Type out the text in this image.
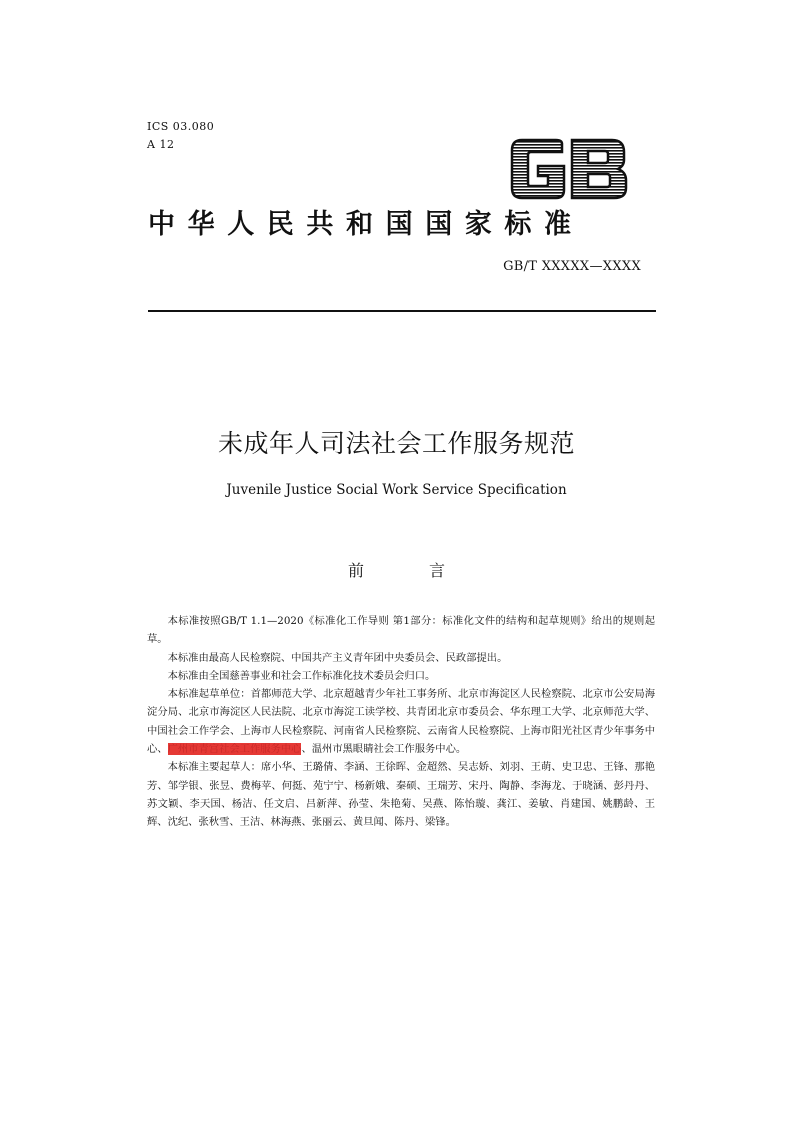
ICS 03.080
A 12
中华人民共和国国家标准
GB/T XXXXX—XXXX
未成年人司法社会工作服务规范
Juvenile Justice Social Work Service Specification
前 言

本标准按照GB/T 1.1—2020《标准化工作导则 第1部分：标准化文件的结构和起草规则》给出的规则起草。

本标准由最高人民检察院、中国共产主义青年团中央委员会、民政部提出。

本标准由全国慈善事业和社会工作标准化技术委员会归口。

本标准起草单位：首都师范大学、北京超越青少年社工事务所、北京市海淀区人民检察院、北京市公安局海淀分局、北京市海淀区人民法院、北京市海淀工读学校、共青团北京市委员会、华东理工大学、北京师范大学、中国社会工作学会、上海市人民检察院、河南省人民检察院、云南省人民检察院、上海市阳光社区青少年事务中心、广州市青宫社会工作服务中心、温州市黑眼睛社会工作服务中心。

本标准主要起草人：席小华、王璐倩、李涵、王徐晖、金超然、吴志娇、刘羽、王萌、史卫忠、王锋、那艳芳、邹学银、张昱、费梅苹、何挺、苑宁宁、杨新娥、秦硕、王瑞芳、宋丹、陶静、李海龙、于晓涵、彭丹丹、苏文颖、李天国、杨洁、任文启、吕新萍、孙莹、朱艳菊、吴燕、陈怡璇、龚江、姜敏、肖建国、姚鹏龄、王辉、沈纪、张秋雪、王洁、林海燕、张丽云、黄旦闻、陈丹、梁锋。
